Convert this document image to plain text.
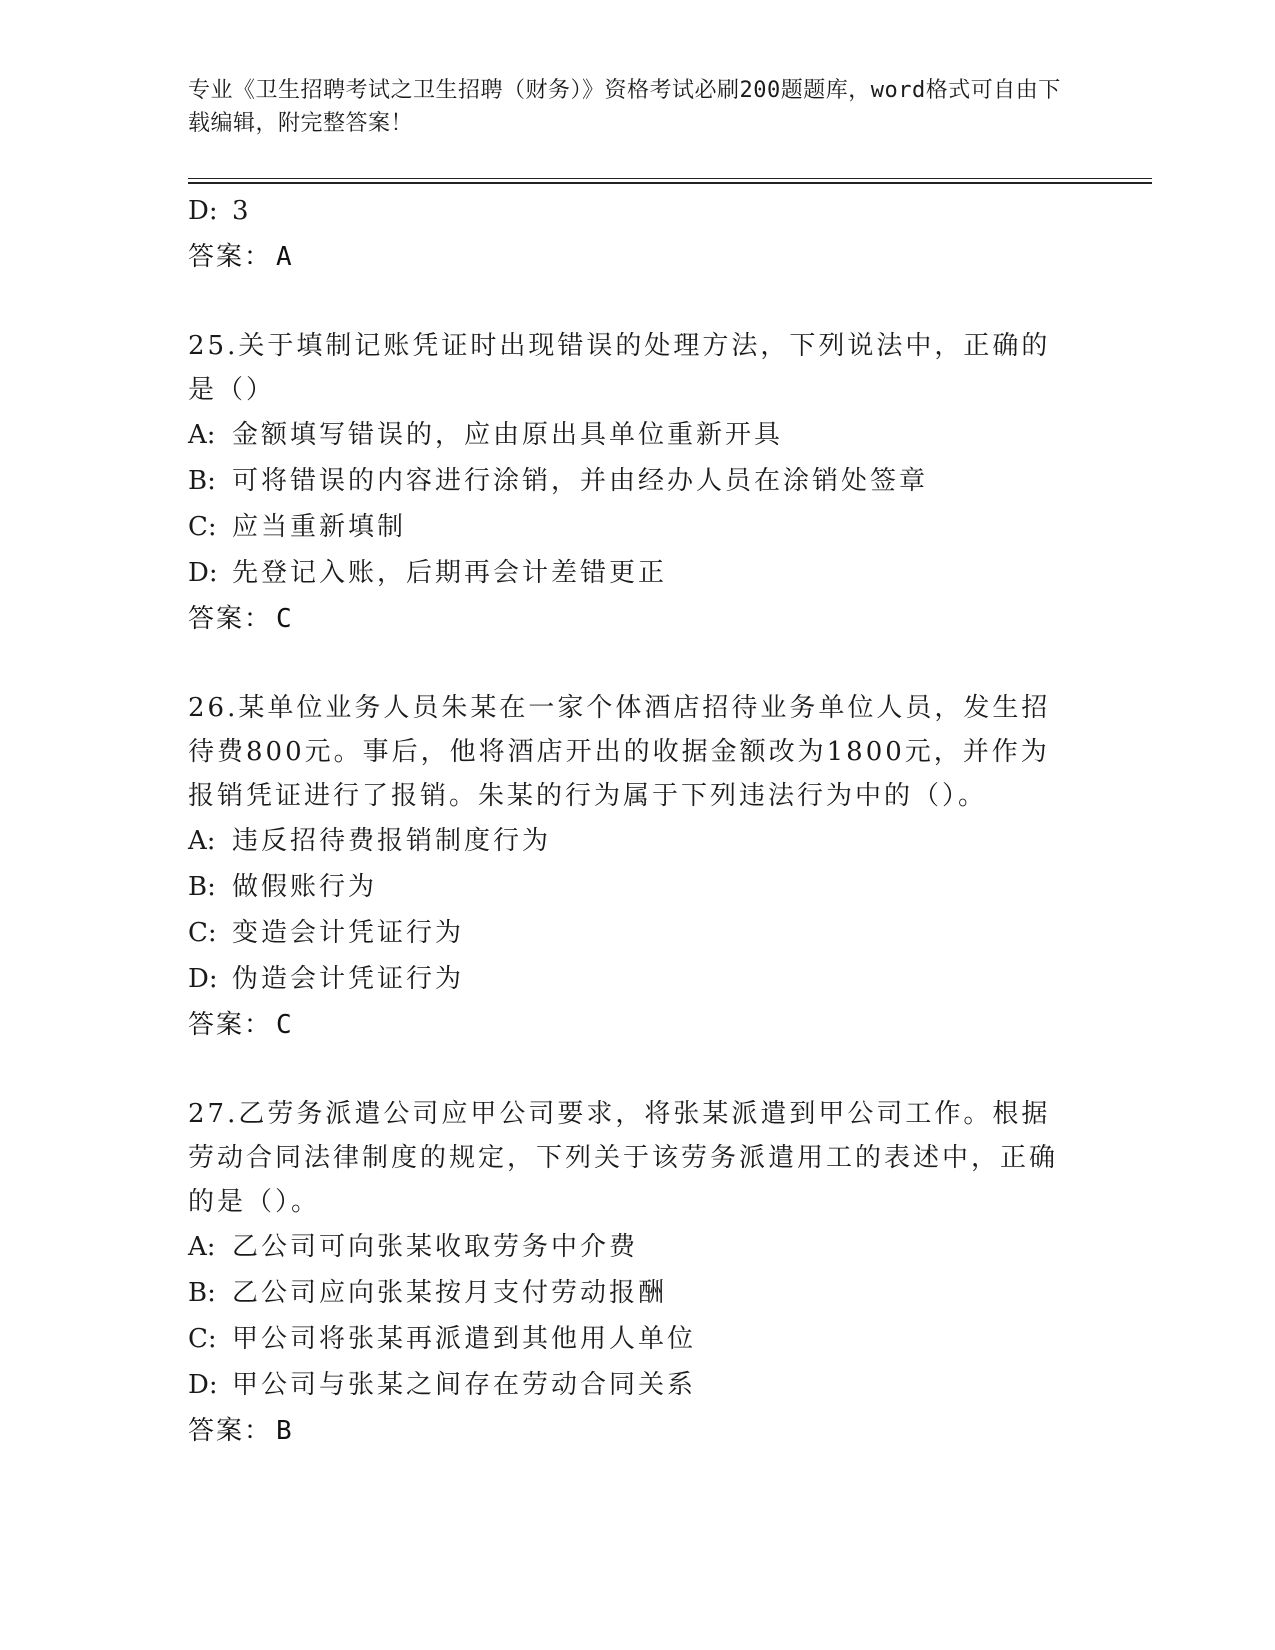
专业《卫生招聘考试之卫生招聘（财务）》资格考试必刷200题题库，word格式可自由下载编辑，附完整答案！
D: 3
答案： A
25.关于填制记账凭证时出现错误的处理方法，下列说法中，正确的是（）
A: 金额填写错误的，应由原出具单位重新开具
B: 可将错误的内容进行涂销，并由经办人员在涂销处签章
C: 应当重新填制
D: 先登记入账，后期再会计差错更正
答案： C
26.某单位业务人员朱某在一家个体酒店招待业务单位人员，发生招待费800元。事后，他将酒店开出的收据金额改为1800元，并作为报销凭证进行了报销。朱某的行为属于下列违法行为中的（）。
A: 违反招待费报销制度行为
B: 做假账行为
C: 变造会计凭证行为
D: 伪造会计凭证行为
答案： C
27.乙劳务派遣公司应甲公司要求，将张某派遣到甲公司工作。根据劳动合同法律制度的规定，下列关于该劳务派遣用工的表述中，正确的是（）。
A: 乙公司可向张某收取劳务中介费
B: 乙公司应向张某按月支付劳动报酬
C: 甲公司将张某再派遣到其他用人单位
D: 甲公司与张某之间存在劳动合同关系
答案： B
